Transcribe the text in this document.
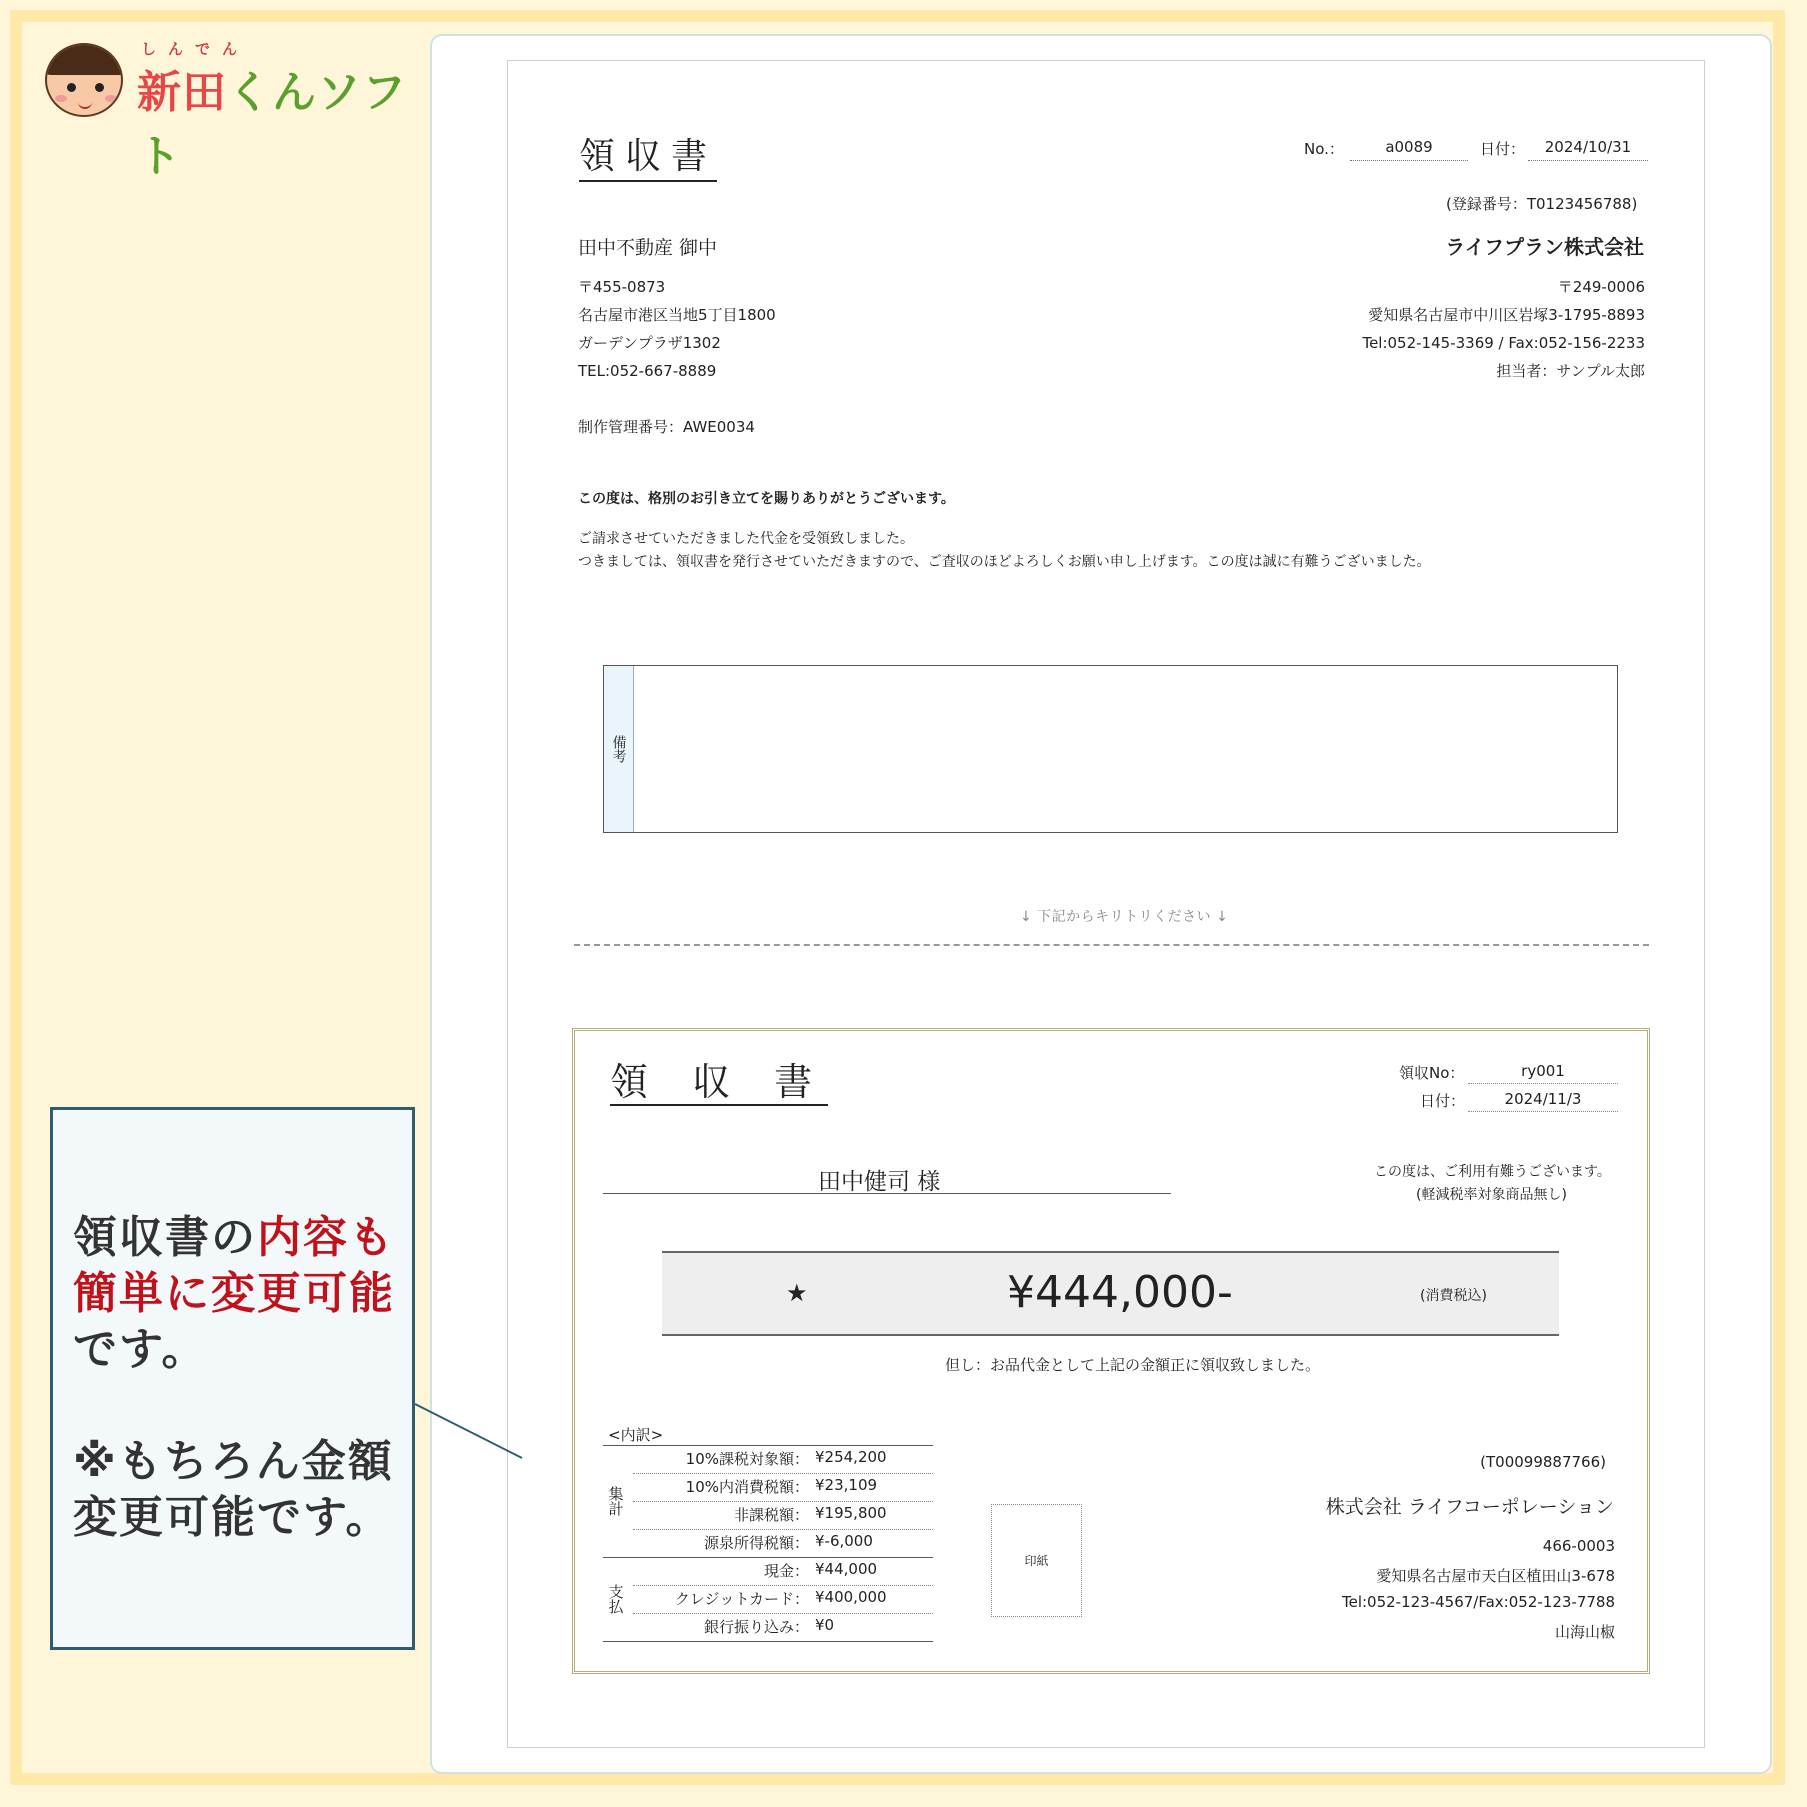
しんでん
新田くんソフト	領収書	No.：	a0089	日付：	2024/10/31
(登録番号：T0123456788)
田中不動産 御中	ライフプラン株式会社
〒455-0873
名古屋市港区当地5丁目1800
ガーデンプラザ1302
TEL:052-667-8889
〒249-0006
愛知県名古屋市中川区岩塚3-1795-8893
Tel:052-145-3369 / Fax:052-156-2233
担当者：サンプル太郎
制作管理番号：AWE0034
この度は、格別のお引き立てを賜りありがとうございます。
ご請求させていただきました代金を受領致しました。
つきましては、領収書を発行させていただきますので、ご査収のほどよろしくお願い申し上げます。この度は誠に有難うございました。
備考
↓ 下記からキリトリください ↓
領 収 書	領収No：	ry001
日付：	2024/11/3
田中健司 様	この度は、ご利用有難うございます。
(軽減税率対象商品無し)
★	¥444,000-	(消費税込)
但し：お品代金として上記の金額正に領収致しました。
<内訳>
集計
支払
10%課税対象額： ¥254,200
10%内消費税額： ¥23,109
非課税額： ¥195,800
源泉所得税額： ¥-6,000
現金： ¥44,000
クレジットカード： ¥400,000
銀行振り込み： ¥0
印紙
(T00099887766)
株式会社 ライフコーポレーション
466-0003
愛知県名古屋市天白区植田山3-678
Tel:052-123-4567/Fax:052-123-7788
山海山椒
領収書の内容も
簡単に変更可能
です。
※もちろん金額
変更可能です。
